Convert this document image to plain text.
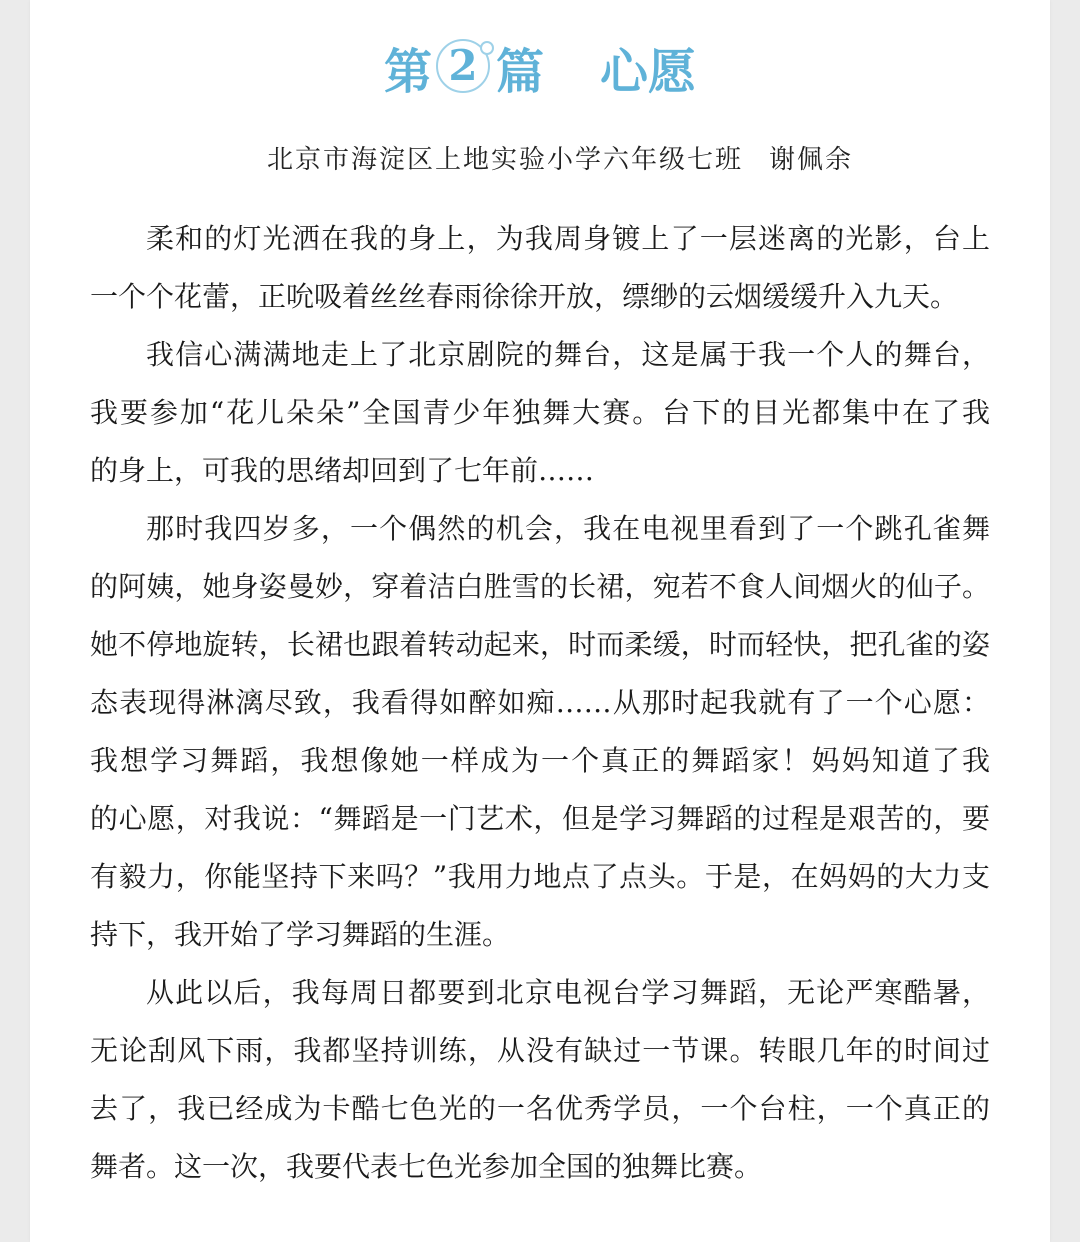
第 2 篇 心愿
北京市海淀区上地实验小学六年级七班 谢佩余
柔和的灯光洒在我的身上，为我周身镀上了一层迷离的光影，台上
一个个花蕾，正吮吸着丝丝春雨徐徐开放，缥缈的云烟缓缓升入九天。
我信心满满地走上了北京剧院的舞台，这是属于我一个人的舞台，
我要参加“花儿朵朵”全国青少年独舞大赛。台下的目光都集中在了我
的身上，可我的思绪却回到了七年前……
那时我四岁多，一个偶然的机会，我在电视里看到了一个跳孔雀舞
的阿姨，她身姿曼妙，穿着洁白胜雪的长裙，宛若不食人间烟火的仙子。
她不停地旋转，长裙也跟着转动起来，时而柔缓，时而轻快，把孔雀的姿
态表现得淋漓尽致，我看得如醉如痴……从那时起我就有了一个心愿：
我想学习舞蹈，我想像她一样成为一个真正的舞蹈家！妈妈知道了我
的心愿，对我说：“舞蹈是一门艺术，但是学习舞蹈的过程是艰苦的，要
有毅力，你能坚持下来吗？”我用力地点了点头。于是，在妈妈的大力支
持下，我开始了学习舞蹈的生涯。
从此以后，我每周日都要到北京电视台学习舞蹈，无论严寒酷暑，
无论刮风下雨，我都坚持训练，从没有缺过一节课。转眼几年的时间过
去了，我已经成为卡酷七色光的一名优秀学员，一个台柱，一个真正的
舞者。这一次，我要代表七色光参加全国的独舞比赛。
